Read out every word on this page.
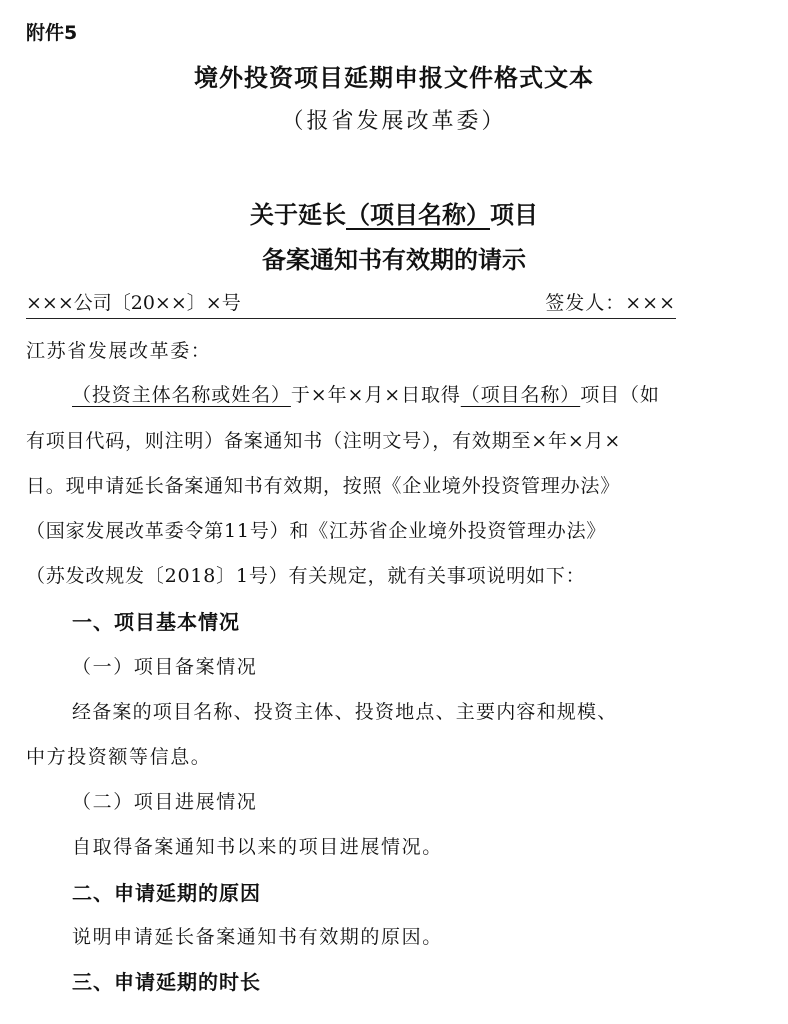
附件5
境外投资项目延期申报文件格式文本
（报省发展改革委）
关于延长（项目名称）项目
备案通知书有效期的请示
×××公司〔20××〕×号	签发人：×××
江苏省发展改革委：
（投资主体名称或姓名）于×年×月×日取得（项目名称）项目（如
有项目代码，则注明）备案通知书（注明文号），有效期至×年×月×
日。现申请延长备案通知书有效期，按照《企业境外投资管理办法》
（国家发展改革委令第11号）和《江苏省企业境外投资管理办法》
（苏发改规发〔2018〕1号）有关规定，就有关事项说明如下：
一、项目基本情况
（一）项目备案情况
经备案的项目名称、投资主体、投资地点、主要内容和规模、
中方投资额等信息。
（二）项目进展情况
自取得备案通知书以来的项目进展情况。
二、申请延期的原因
说明申请延长备案通知书有效期的原因。
三、申请延期的时长
